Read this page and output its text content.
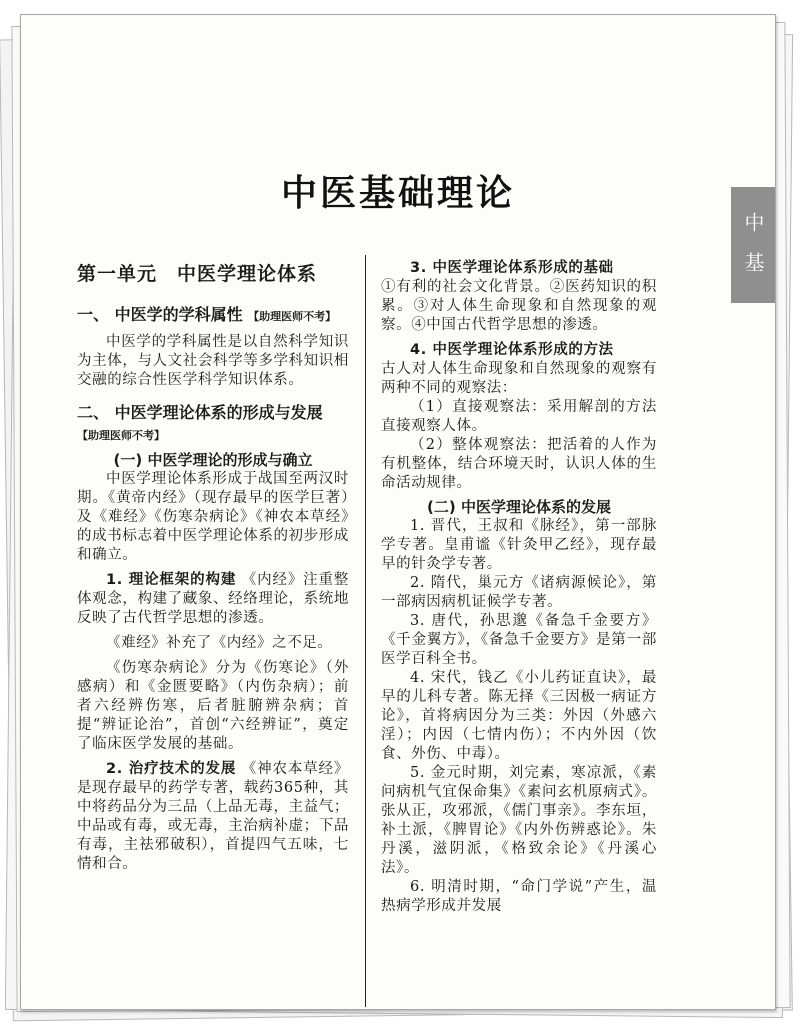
中医基础理论
中基
第一单元　中医学理论体系
一、 中医学的学科属性 【助理医师不考】

中医学的学科属性是以自然科学知识为主体，与人文社会科学等多学科知识相交融的综合性医学科学知识体系。

二、 中医学理论体系的形成与发展 【助理医师不考】
(一) 中医学理论的形成与确立

中医学理论体系形成于战国至两汉时期。《黄帝内经》（现存最早的医学巨著）及《难经》《伤寒杂病论》《神农本草经》的成书标志着中医学理论体系的初步形成和确立。

1. 理论框架的构建 《内经》注重整体观念，构建了藏象、经络理论，系统地反映了古代哲学思想的渗透。

《难经》补充了《内经》之不足。

《伤寒杂病论》分为《伤寒论》（外感病）和《金匮要略》（内伤杂病）；前者六经辨伤寒，后者脏腑辨杂病；首提“辨证论治”，首创“六经辨证”，奠定了临床医学发展的基础。

2. 治疗技术的发展 《神农本草经》是现存最早的药学专著，载药365种，其中将药品分为三品（上品无毒，主益气；中品或有毒，或无毒，主治病补虚；下品有毒，主祛邪破积），首提四气五味，七情和合。

3. 中医学理论体系形成的基础

①有利的社会文化背景。②医药知识的积累。③对人体生命现象和自然现象的观察。④中国古代哲学思想的渗透。

4. 中医学理论体系形成的方法

古人对人体生命现象和自然现象的观察有两种不同的观察法：

（1）直接观察法：采用解剖的方法直接观察人体。

（2）整体观察法：把活着的人作为有机整体，结合环境天时，认识人体的生命活动规律。

(二) 中医学理论体系的发展

1. 晋代，王叔和《脉经》，第一部脉学专著。皇甫谧《针灸甲乙经》，现存最早的针灸学专著。

2. 隋代，巢元方《诸病源候论》，第一部病因病机证候学专著。

3. 唐代，孙思邈《备急千金要方》《千金翼方》，《备急千金要方》是第一部医学百科全书。

4. 宋代，钱乙《小儿药证直诀》，最早的儿科专著。陈无择《三因极一病证方论》，首将病因分为三类：外因（外感六淫）；内因（七情内伤）；不内外因（饮食、外伤、中毒）。

5. 金元时期，刘完素，寒凉派，《素问病机气宜保命集》《素问玄机原病式》。张从正，攻邪派，《儒门事亲》。李东垣，补土派，《脾胃论》《内外伤辨惑论》。朱丹溪，滋阴派，《格致余论》《丹溪心法》。

6. 明清时期，“命门学说”产生，温热病学形成并发展
